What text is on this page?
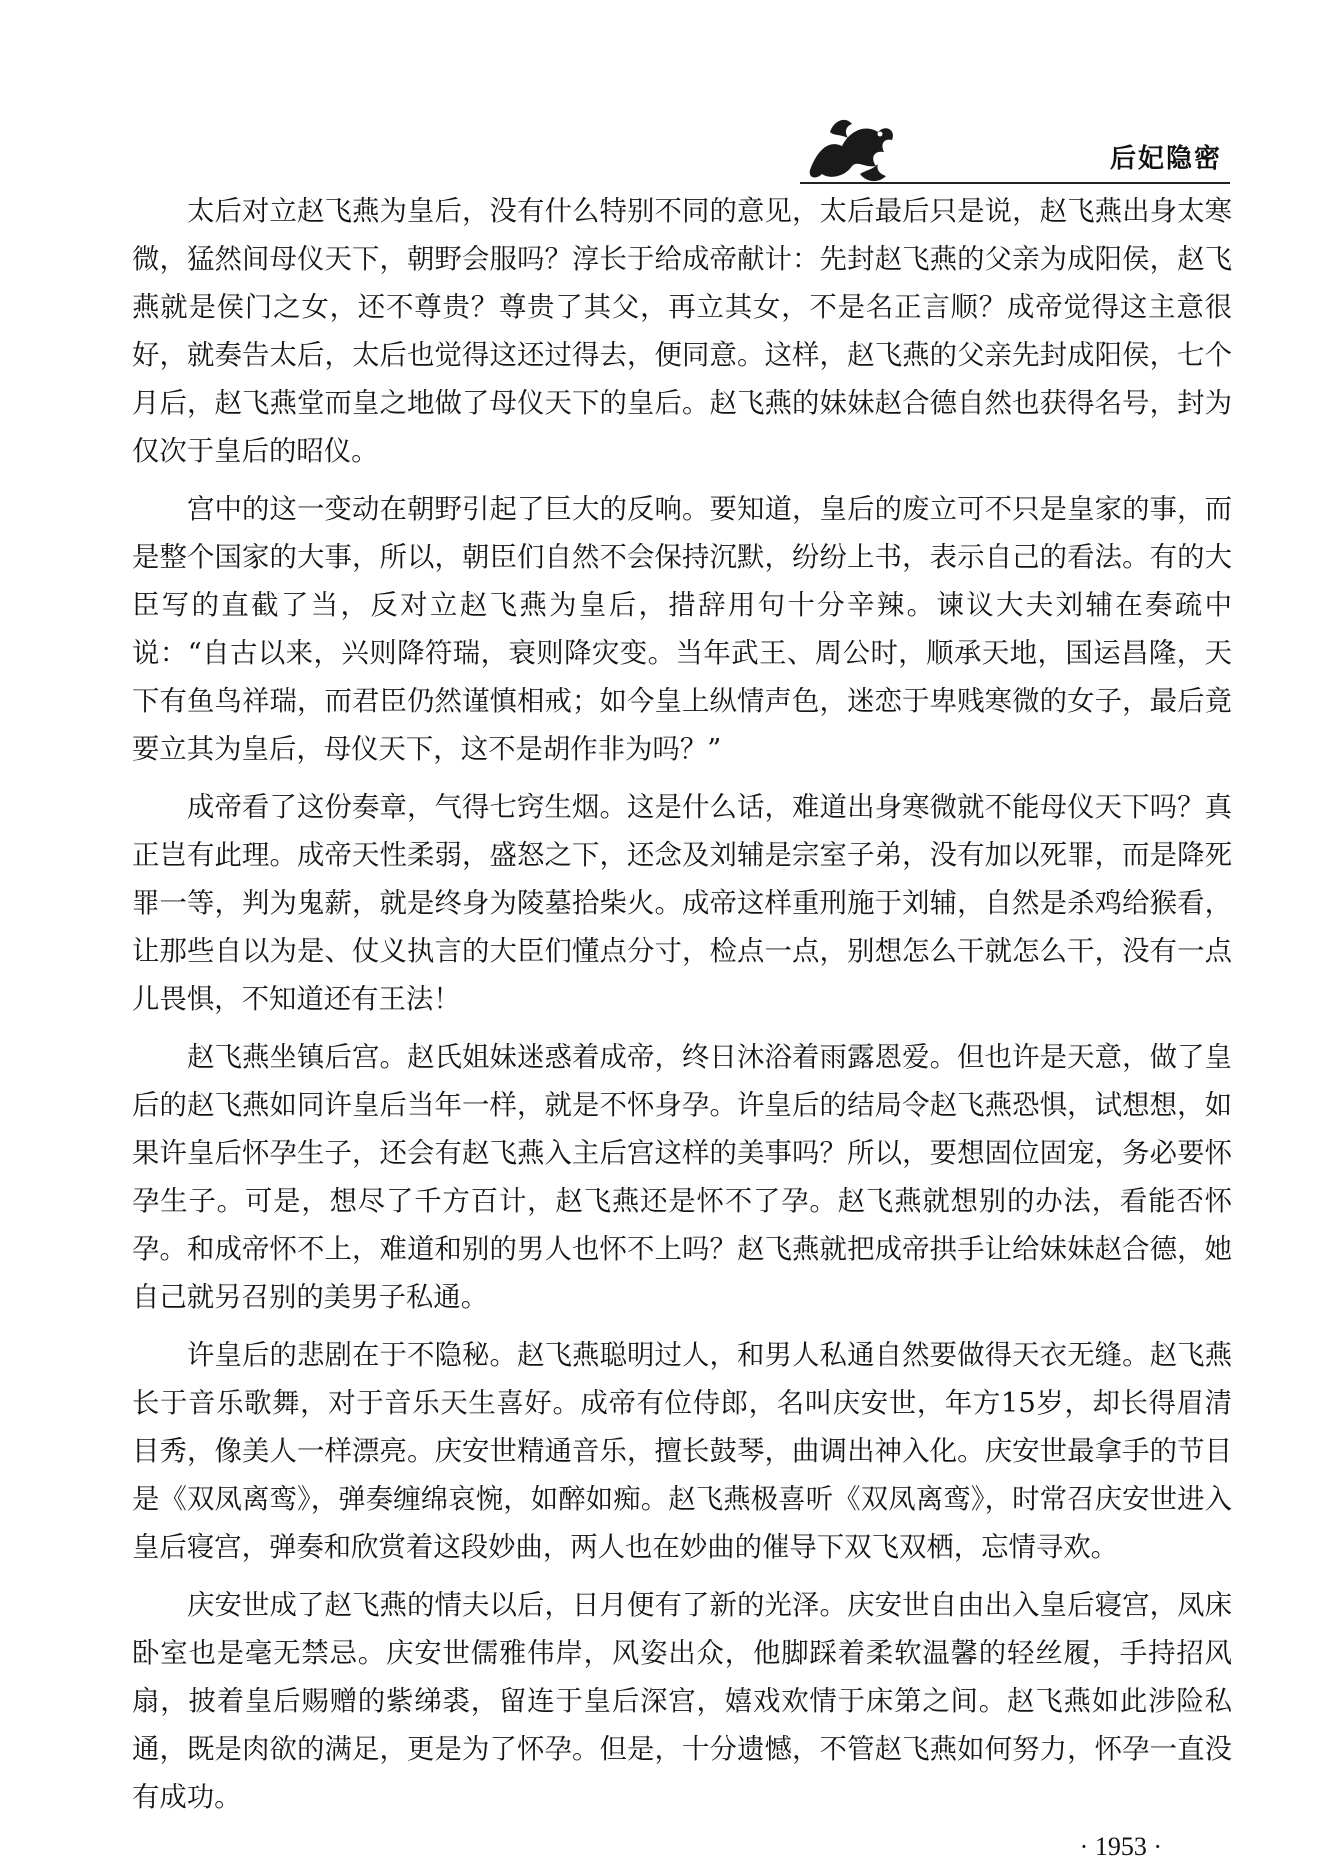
后妃隐密

太后对立赵飞燕为皇后，没有什么特别不同的意见，太后最后只是说，赵飞燕出身太寒微，猛然间母仪天下，朝野会服吗？淳长于给成帝献计：先封赵飞燕的父亲为成阳侯，赵飞燕就是侯门之女，还不尊贵？尊贵了其父，再立其女，不是名正言顺？成帝觉得这主意很好，就奏告太后，太后也觉得这还过得去，便同意。这样，赵飞燕的父亲先封成阳侯，七个月后，赵飞燕堂而皇之地做了母仪天下的皇后。赵飞燕的妹妹赵合德自然也获得名号，封为仅次于皇后的昭仪。

宫中的这一变动在朝野引起了巨大的反响。要知道，皇后的废立可不只是皇家的事，而是整个国家的大事，所以，朝臣们自然不会保持沉默，纷纷上书，表示自己的看法。有的大臣写的直截了当，反对立赵飞燕为皇后，措辞用句十分辛辣。谏议大夫刘辅在奏疏中说：“自古以来，兴则降符瑞，衰则降灾变。当年武王、周公时，顺承天地，国运昌隆，天下有鱼鸟祥瑞，而君臣仍然谨慎相戒；如今皇上纵情声色，迷恋于卑贱寒微的女子，最后竟要立其为皇后，母仪天下，这不是胡作非为吗？”

成帝看了这份奏章，气得七窍生烟。这是什么话，难道出身寒微就不能母仪天下吗？真正岂有此理。成帝天性柔弱，盛怒之下，还念及刘辅是宗室子弟，没有加以死罪，而是降死罪一等，判为鬼薪，就是终身为陵墓拾柴火。成帝这样重刑施于刘辅，自然是杀鸡给猴看，让那些自以为是、仗义执言的大臣们懂点分寸，检点一点，别想怎么干就怎么干，没有一点儿畏惧，不知道还有王法！

赵飞燕坐镇后宫。赵氏姐妹迷惑着成帝，终日沐浴着雨露恩爱。但也许是天意，做了皇后的赵飞燕如同许皇后当年一样，就是不怀身孕。许皇后的结局令赵飞燕恐惧，试想想，如果许皇后怀孕生子，还会有赵飞燕入主后宫这样的美事吗？所以，要想固位固宠，务必要怀孕生子。可是，想尽了千方百计，赵飞燕还是怀不了孕。赵飞燕就想别的办法，看能否怀孕。和成帝怀不上，难道和别的男人也怀不上吗？赵飞燕就把成帝拱手让给妹妹赵合德，她自己就另召别的美男子私通。

许皇后的悲剧在于不隐秘。赵飞燕聪明过人，和男人私通自然要做得天衣无缝。赵飞燕长于音乐歌舞，对于音乐天生喜好。成帝有位侍郎，名叫庆安世，年方15岁，却长得眉清目秀，像美人一样漂亮。庆安世精通音乐，擅长鼓琴，曲调出神入化。庆安世最拿手的节目是《双凤离鸾》，弹奏缠绵哀惋，如醉如痴。赵飞燕极喜听《双凤离鸾》，时常召庆安世进入皇后寝宫，弹奏和欣赏着这段妙曲，两人也在妙曲的催导下双飞双栖，忘情寻欢。

庆安世成了赵飞燕的情夫以后，日月便有了新的光泽。庆安世自由出入皇后寝宫，凤床卧室也是毫无禁忌。庆安世儒雅伟岸，风姿出众，他脚踩着柔软温馨的轻丝履，手持招风扇，披着皇后赐赠的紫绨裘，留连于皇后深宫，嬉戏欢情于床第之间。赵飞燕如此涉险私通，既是肉欲的满足，更是为了怀孕。但是，十分遗憾，不管赵飞燕如何努力，怀孕一直没有成功。

· 1953 ·
